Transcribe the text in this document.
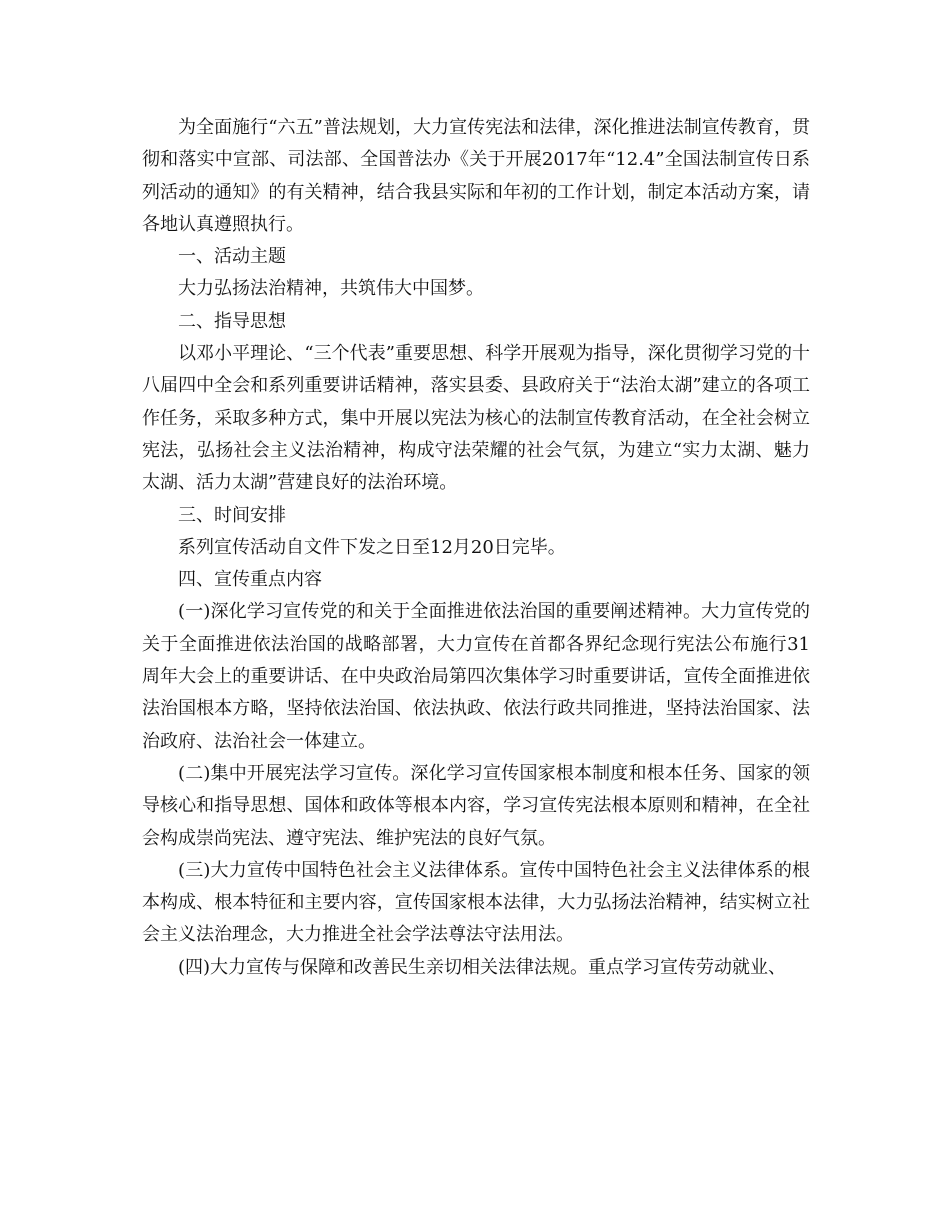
为全面施行“六五”普法规划，大力宣传宪法和法律，深化推进法制宣传教育，贯彻和落实中宣部、司法部、全国普法办《关于开展2017年“12.4”全国法制宣传日系列活动的通知》的有关精神，结合我县实际和年初的工作计划，制定本活动方案，请各地认真遵照执行。

一、活动主题

大力弘扬法治精神，共筑伟大中国梦。

二、指导思想

以邓小平理论、“三个代表”重要思想、科学开展观为指导，深化贯彻学习党的十八届四中全会和系列重要讲话精神，落实县委、县政府关于“法治太湖”建立的各项工作任务，采取多种方式，集中开展以宪法为核心的法制宣传教育活动，在全社会树立宪法，弘扬社会主义法治精神，构成守法荣耀的社会气氛，为建立“实力太湖、魅力太湖、活力太湖”营建良好的法治环境。

三、时间安排

系列宣传活动自文件下发之日至12月20日完毕。

四、宣传重点内容

(一)深化学习宣传党的和关于全面推进依法治国的重要阐述精神。大力宣传党的关于全面推进依法治国的战略部署，大力宣传在首都各界纪念现行宪法公布施行31周年大会上的重要讲话、在中央政治局第四次集体学习时重要讲话，宣传全面推进依法治国根本方略，坚持依法治国、依法执政、依法行政共同推进，坚持法治国家、法治政府、法治社会一体建立。

(二)集中开展宪法学习宣传。深化学习宣传国家根本制度和根本任务、国家的领导核心和指导思想、国体和政体等根本内容，学习宣传宪法根本原则和精神，在全社会构成崇尚宪法、遵守宪法、维护宪法的良好气氛。

(三)大力宣传中国特色社会主义法律体系。宣传中国特色社会主义法律体系的根本构成、根本特征和主要内容，宣传国家根本法律，大力弘扬法治精神，结实树立社会主义法治理念，大力推进全社会学法尊法守法用法。

(四)大力宣传与保障和改善民生亲切相关法律法规。重点学习宣传劳动就业、
